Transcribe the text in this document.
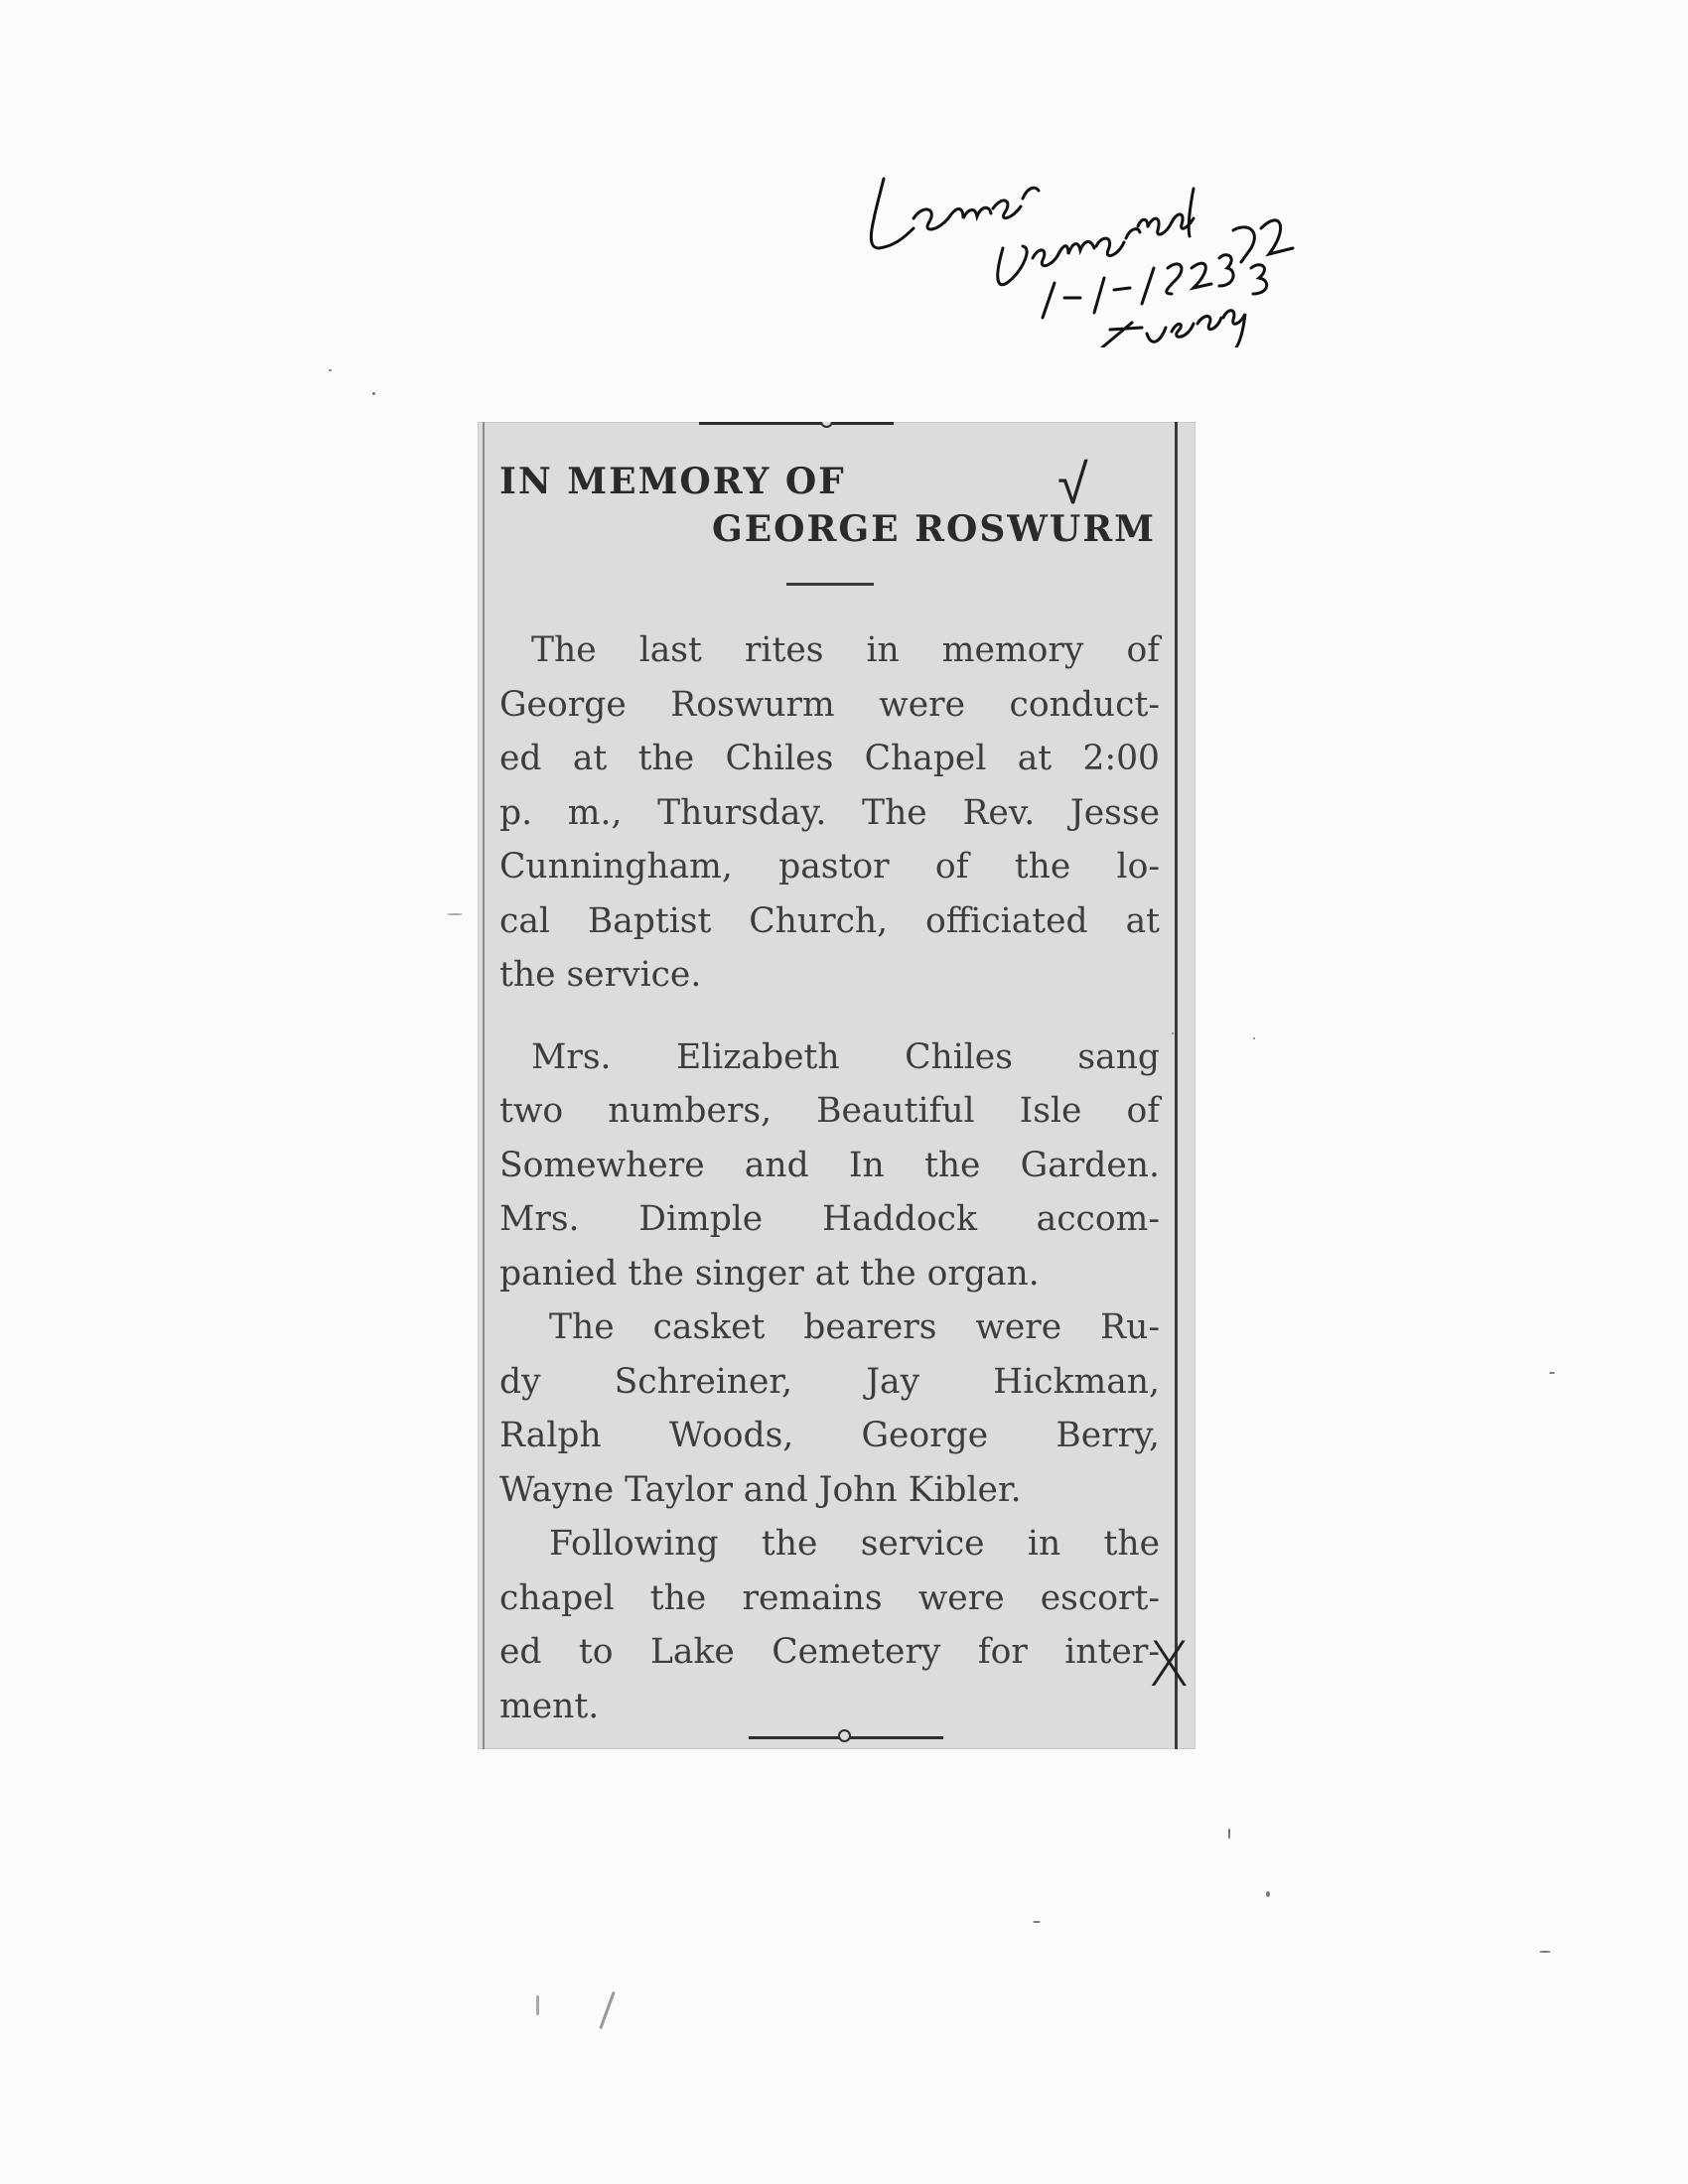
√
X

IN MEMORY OF

GEORGE ROSWURM

The last rites in memory of
George Roswurm were conduct-
ed at the Chiles Chapel at 2:00
p. m., Thursday. The Rev. Jesse
Cunningham, pastor of the lo-
cal Baptist Church, officiated at
the service.

Mrs. Elizabeth Chiles sang
two numbers, Beautiful Isle of
Somewhere and In the Garden.
Mrs. Dimple Haddock accom-
panied the singer at the organ.

The casket bearers were Ru-
dy Schreiner, Jay Hickman,
Ralph Woods, George Berry,
Wayne Taylor and John Kibler.

Following the service in the
chapel the remains were escort-
ed to Lake Cemetery for inter-
ment.
